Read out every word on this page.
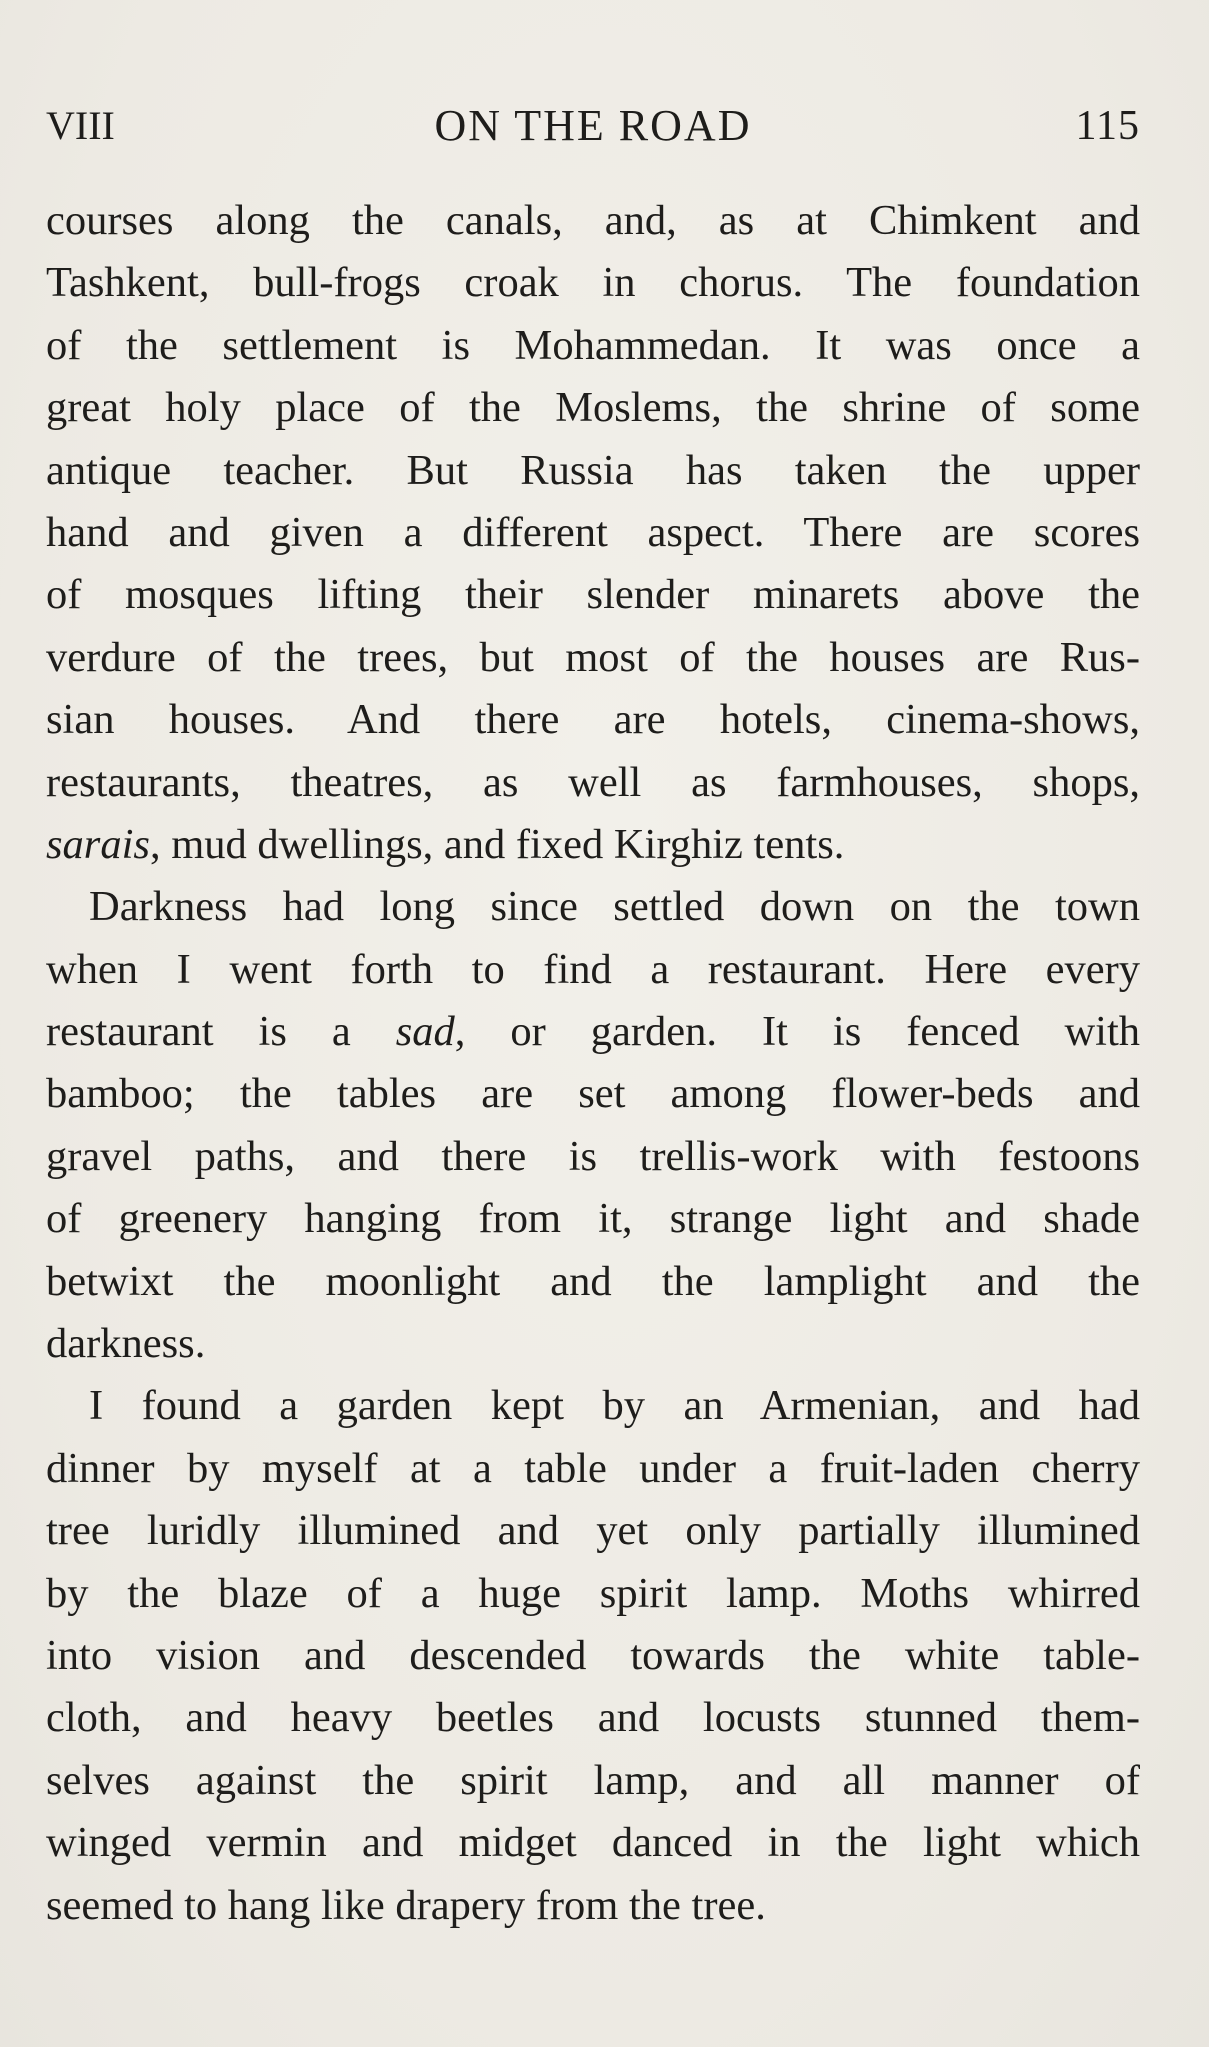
VIII	ON THE ROAD	115
courses along the canals, and, as at Chimkent and
Tashkent, bull-frogs croak in chorus. The foundation
of the settlement is Mohammedan. It was once a
great holy place of the Moslems, the shrine of some
antique teacher. But Russia has taken the upper
hand and given a different aspect. There are scores
of mosques lifting their slender minarets above the
verdure of the trees, but most of the houses are Rus-
sian houses. And there are hotels, cinema-shows,
restaurants, theatres, as well as farmhouses, shops,
sarais, mud dwellings, and fixed Kirghiz tents.
Darkness had long since settled down on the town
when I went forth to find a restaurant. Here every
restaurant is a sad, or garden. It is fenced with
bamboo; the tables are set among flower-beds and
gravel paths, and there is trellis-work with festoons
of greenery hanging from it, strange light and shade
betwixt the moonlight and the lamplight and the
darkness.
I found a garden kept by an Armenian, and had
dinner by myself at a table under a fruit-laden cherry
tree luridly illumined and yet only partially illumined
by the blaze of a huge spirit lamp. Moths whirred
into vision and descended towards the white table-
cloth, and heavy beetles and locusts stunned them-
selves against the spirit lamp, and all manner of
winged vermin and midget danced in the light which
seemed to hang like drapery from the tree.
